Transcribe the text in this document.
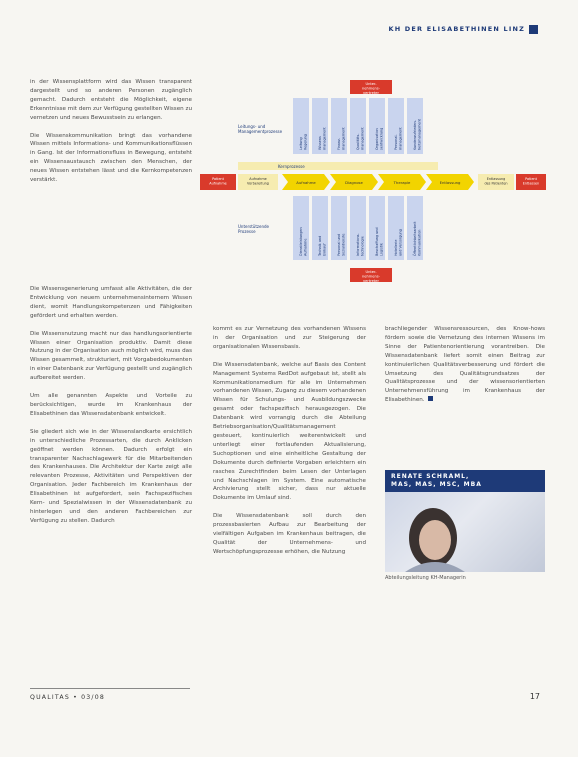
KH DER ELISABETHINEN LINZ

in der Wissensplattform wird das Wissen transparent dargestellt und so anderen Personen zugänglich gemacht. Dadurch entsteht die Möglichkeit, eigene Erkenntnisse mit dem zur Verfügung gestellten Wissen zu vernetzen und neues Bewusstsein zu erlangen.

Die Wissenskommunikation bringt das vorhandene Wissen mittels Informations- und Kommunikationsflüssen in Gang. Ist der Informationsfluss in Bewegung, entsteht ein Wissensaustausch zwischen den Menschen, der neues Wissen entstehen lässt und die Kernkompetenzen verstärkt.

Die Wissensgenerierung umfasst alle Aktivitäten, die der Entwicklung von neuem unternehmensinternem Wissen dient, womit Handlungskompetenzen und Fähigkeiten gefördert und erhalten werden.

Die Wissensnutzung macht nur das handlungsorientierte Wissen einer Organisation produktiv. Damit diese Nutzung in der Organisation auch möglich wird, muss das Wissen gesammelt, strukturiert, mit Vorgabedokumenten in einer Datenbank zur Verfügung gestellt und zugänglich aufbereitet werden.

Um alle genannten Aspekte und Vorteile zu berücksichtigen, wurde im Krankenhaus der Elisabethinen das Wissensdatenbank entwickelt.

Sie gliedert sich wie in der Wissenslandkarte ersichtlich in unterschiedliche Prozessarten, die durch Anklicken geöffnet werden können. Dadurch erfolgt ein transparenter Nachschlagewerk für die Mitarbeitenden des Krankenhauses. Die Architektur der Karte zeigt alle relevanten Prozesse, Aktivitäten und Perspektiven der Organisation. Jeder Fachbereich im Krankenhaus der Elisabethinen ist aufgefordert, sein Fachspezifisches Kern- und Spezialwissen in der Wissensdatenbank zu hinterlegen und den anderen Fachbereichen zur Verfügung zu stellen. Dadurch

kommt es zur Vernetzung des vorhandenen Wissens in der Organisation und zur Steigerung der organisationalen Wissensbasis.

Die Wissensdatenbank, welche auf Basis des Content Management Systems RedDot aufgebaut ist, stellt als Kommunikationsmedium für alle im Unternehmen vorhandenen Wissen, Zugang zu diesem vorhandenen Wissen für Schulungs- und Ausbildungszwecke gesamt oder fachspezifisch herausgezogen. Die Datenbank wird vorrangig durch die Abteilung Betriebsorganisation/Qualitätsmanagement gesteuert, kontinuierlich weiterentwickelt und unterliegt einer fortlaufenden Aktualisierung, Suchoptionen und eine einheitliche Gestaltung der Dokumente durch definierte Vorgaben erleichtern ein rasches Zurechtfinden beim Lesen der Unterlagen und Nachschlagen im System. Eine automatische Archivierung stellt sicher, dass nur aktuelle Dokumente im Umlauf sind.

Die Wissensdatenbank soll durch den prozessbasierten Aufbau zur Bearbeitung der vielfältigen Aufgaben im Krankenhaus beitragen, die Qualität der Unternehmens- und Wertschöpfungsprozesse erhöhen, die Nutzung

brachliegender Wissensressourcen, des Know-hows fördern sowie die Vernetzung des internen Wissens im Sinne der Patientenorientierung vorantreiben. Die Wissensdatenbank liefert somit einen Beitrag zur kontinuierlichen Qualitätsverbesserung und fördert die Umsetzung des Qualitätsgrundsatzes der Qualitätsprozesse und der wissensorientierten Unternehmensführung im Krankenhaus der Elisabethinen.

RENATE SCHRAML,
MAS, MAS, MSC, MBA
Abteilungsleitung KH-Managerin
Unter-nehmens-vertreter
Leitungs- und Managementprozesse
LeitungRegelung	Wissensmanagement	Finanz-management	Qualitäts-management	Organisationsentwicklung	Personal-management	Kundenzufrieden-heitsmanagement
Kernprozesse
Patient Aufnahme
Aufnahme Vorbereitung	Aufnahme	Diagnose	Therapie	Entlassung
Entlassung des Patienten
Patient Entlassen
Unterstützende Prozesse	DienstleistungenAufnahme	Technik undEinkauf	Personal undSozialdienste	Informations-technologie	Beschaffung undLogistik	Hotellerieund Versorgung	ÖffentlichkeitsarbeitKommunikation
Unter-nehmens-vertreter
QUALITAS • 03/08	17
